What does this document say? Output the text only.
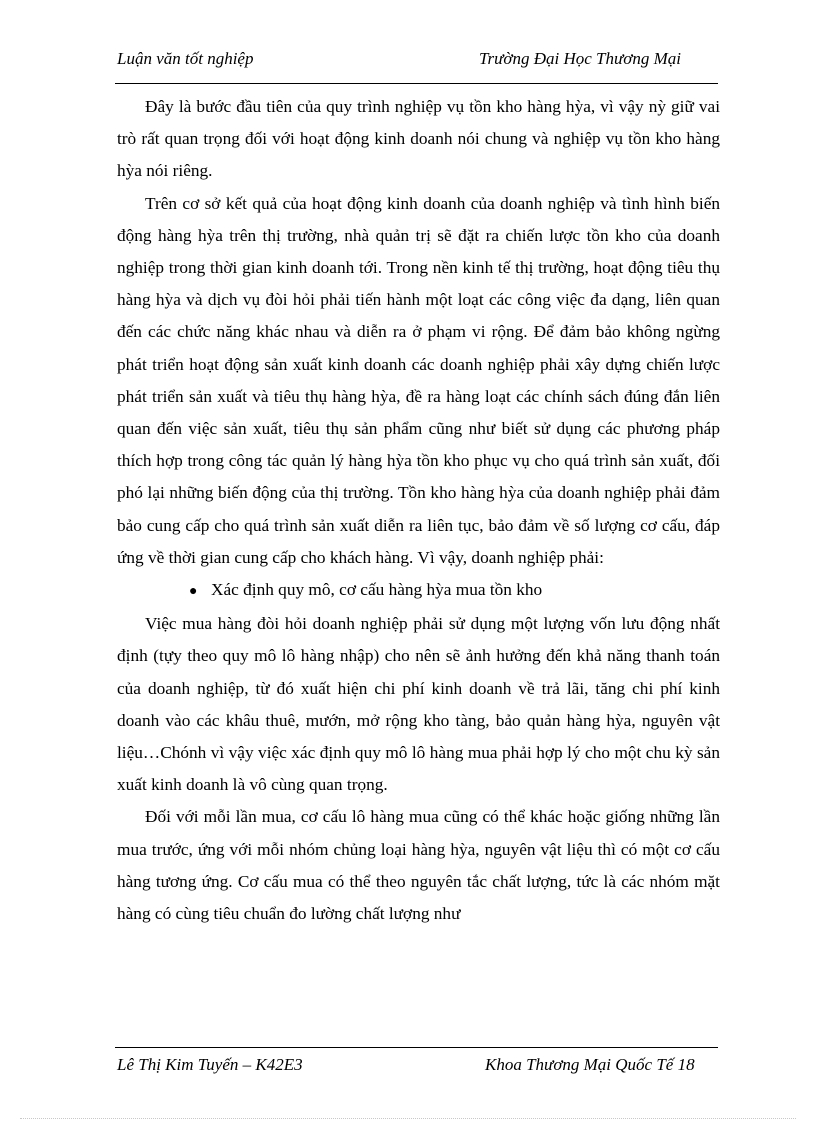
Luận văn tốt nghiệp	Trường Đại Học Thương Mại

Đây là bước đầu tiên của quy trình nghiệp vụ tồn kho hàng hỳa, vì vậy nỳ giữ vai trò rất quan trọng đối với hoạt động kinh doanh nói chung và nghiệp vụ tồn kho hàng hỳa nói riêng.

Trên cơ sở kết quả của hoạt động kinh doanh của doanh nghiệp và tình hình biến động hàng hỳa trên thị trường, nhà quản trị sẽ đặt ra chiến lược tồn kho của doanh nghiệp trong thời gian kinh doanh tới. Trong nền kinh tế thị trường, hoạt động tiêu thụ hàng hỳa và dịch vụ đòi hỏi phải tiến hành một loạt các công việc đa dạng, liên quan đến các chức năng khác nhau và diễn ra ở phạm vi rộng. Để đảm bảo không ngừng phát triển hoạt động sản xuất kinh doanh các doanh nghiệp phải xây dựng chiến lược phát triển sản xuất và tiêu thụ hàng hỳa, đề ra hàng loạt các chính sách đúng đắn liên quan đến việc sản xuất, tiêu thụ sản phẩm cũng như biết sử dụng các phương pháp thích hợp trong công tác quản lý hàng hỳa tồn kho phục vụ cho quá trình sản xuất, đối phó lại những biến động của thị trường. Tồn kho hàng hỳa của doanh nghiệp phải đảm bảo cung cấp cho quá trình sản xuất diễn ra liên tục, bảo đảm về số lượng cơ cấu, đáp ứng về thời gian cung cấp cho khách hàng. Vì vậy, doanh nghiệp phải:

● Xác định quy mô, cơ cấu hàng hỳa mua tồn kho

Việc mua hàng đòi hỏi doanh nghiệp phải sử dụng một lượng vốn lưu động nhất định (tựy theo quy mô lô hàng nhập) cho nên sẽ ảnh hưởng đến khả năng thanh toán của doanh nghiệp, từ đó xuất hiện chi phí kinh doanh về trả lãi, tăng chi phí kinh doanh vào các khâu thuê, mướn, mở rộng kho tàng, bảo quản hàng hỳa, nguyên vật liệu…Chónh vì vậy việc xác định quy mô lô hàng mua phải hợp lý cho một chu kỳ sản xuất kinh doanh là vô cùng quan trọng.

Đối với mỗi lần mua, cơ cấu lô hàng mua cũng có thể khác hoặc giống những lần mua trước, ứng với mỗi nhóm chủng loại hàng hỳa, nguyên vật liệu thì có một cơ cấu hàng tương ứng. Cơ cấu mua có thể theo nguyên tắc chất lượng, tức là các nhóm mặt hàng có cùng tiêu chuẩn đo lường chất lượng như

Lê Thị Kim Tuyến – K42E3	Khoa Thương Mại Quốc Tế 18
